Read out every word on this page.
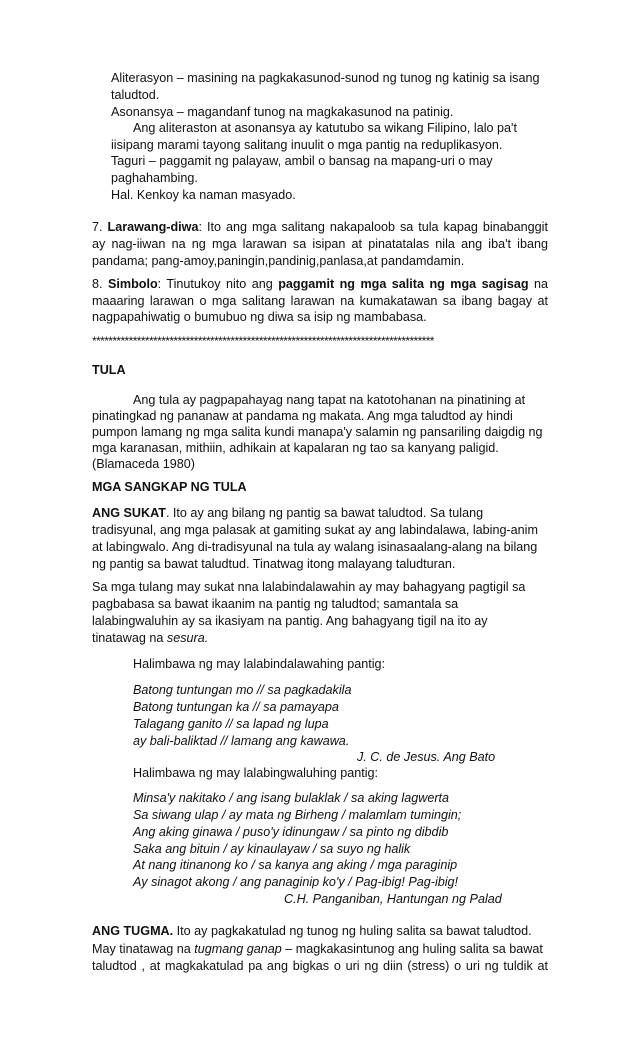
Aliterasyon – masining na pagkakasunod-sunod ng tunog ng katinig sa isang
taludtod.
Asonansya – magandanf tunog na magkakasunod na patinig.
Ang aliteraston at asonansya ay katutubo sa wikang Filipino, lalo pa't
iisipang marami tayong salitang inuulit o mga pantig na reduplikasyon.
Taguri – paggamit ng palayaw, ambil o bansag na mapang-uri o may
paghahambing.
Hal. Kenkoy ka naman masyado.
7. Larawang-diwa: Ito ang mga salitang nakapaloob sa tula kapag binabanggit
ay nag-iiwan na ng mga larawan sa isipan at pinatatalas nila ang iba't ibang
pandama; pang-amoy,paningin,pandinig,panlasa,at pandamdamin.
8. Simbolo: Tinutukoy nito ang paggamit ng mga salita ng mga sagisag na
maaaring larawan o mga salitang larawan na kumakatawan sa ibang bagay at
nagpapahiwatig o bumubuo ng diwa sa isip ng mambabasa.
************************************************************************************
TULA
Ang tula ay pagpapahayag nang tapat na katotohanan na pinatining at
pinatingkad ng pananaw at pandama ng makata. Ang mga taludtod ay hindi
pumpon lamang ng mga salita kundi manapa'y salamin ng pansariling daigdig ng
mga karanasan, mithiin, adhikain at kapalaran ng tao sa kanyang paligid.
(Blamaceda 1980)
MGA SANGKAP NG TULA
ANG SUKAT. Ito ay ang bilang ng pantig sa bawat taludtod. Sa tulang
tradisyunal, ang mga palasak at gamiting sukat ay ang labindalawa, labing-anim
at labingwalo. Ang di-tradisyunal na tula ay walang isinasaalang-alang na bilang
ng pantig sa bawat taludtud. Tinatwag itong malayang taludturan.
Sa mga tulang may sukat nna lalabindalawahin ay may bahagyang pagtigil sa
pagbabasa sa bawat ikaanim na pantig ng taludtod; samantala sa
lalabingwaluhin ay sa ikasiyam na pantig. Ang bahagyang tigil na ito ay
tinatawag na sesura.
Halimbawa ng may lalabindalawahing pantig:
Batong tuntungan mo // sa pagkadakila
Batong tuntungan ka // sa pamayapa
Talagang ganito // sa lapad ng lupa
ay bali-baliktad // lamang ang kawawa.
J. C. de Jesus. Ang Bato
Halimbawa ng may lalabingwaluhing pantig:
Minsa'y nakitako / ang isang bulaklak / sa aking lagwerta
Sa siwang ulap / ay mata ng Birheng / malamlam tumingin;
Ang aking ginawa / puso'y idinungaw / sa pinto ng dibdib
Saka ang bituin / ay kinaulayaw / sa suyo ng halik
At nang itinanong ko / sa kanya ang aking / mga paraginip
Ay sinagot akong / ang panaginip ko'y / Pag-ibig! Pag-ibig!
C.H. Panganiban, Hantungan ng Palad
ANG TUGMA. Ito ay pagkakatulad ng tunog ng huling salita sa bawat taludtod.
May tinatawag na tugmang ganap – magkakasintunog ang huling salita sa bawat
taludtod , at magkakatulad pa ang bigkas o uri ng diin (stress) o uri ng tuldik at
